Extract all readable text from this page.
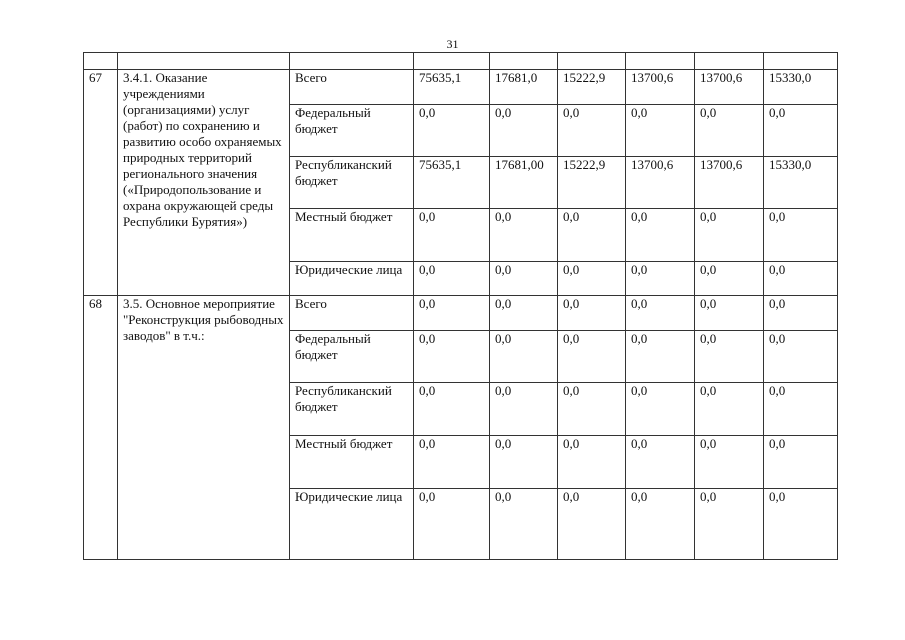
31

67	3.4.1. Оказание учреждениями (организациями) услуг (работ) по сохранению и развитию особо охраняемых природных территорий регионального значения («Природопользование и охрана окружающей среды Республики Бурятия»)	Всего	75635,1	17681,0	15222,9	13700,6	13700,6	15330,0
		Федеральный бюджет	0,0	0,0	0,0	0,0	0,0	0,0
		Республиканский бюджет	75635,1	17681,00	15222,9	13700,6	13700,6	15330,0
		Местный бюджет	0,0	0,0	0,0	0,0	0,0	0,0
		Юридические лица	0,0	0,0	0,0	0,0	0,0	0,0
68	3.5. Основное мероприятие "Реконструкция рыбоводных заводов" в т.ч.:	Всего	0,0	0,0	0,0	0,0	0,0	0,0
		Федеральный бюджет	0,0	0,0	0,0	0,0	0,0	0,0
		Республиканский бюджет	0,0	0,0	0,0	0,0	0,0	0,0
		Местный бюджет	0,0	0,0	0,0	0,0	0,0	0,0
		Юридические лица	0,0	0,0	0,0	0,0	0,0	0,0
